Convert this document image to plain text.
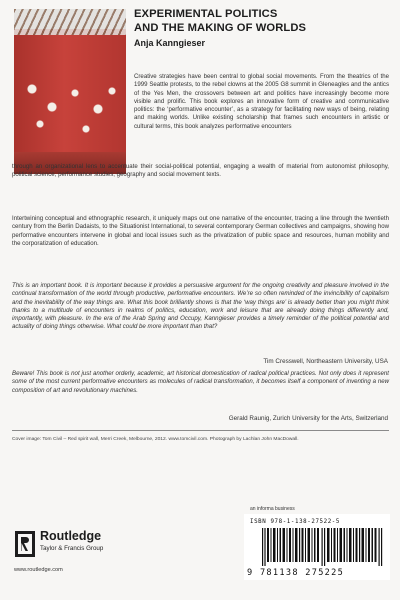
EXPERIMENTAL POLITICS
AND THE MAKING OF WORLDS
Anja Kanngieser
Creative strategies have been central to global social movements. From the theatrics of the 1999 Seattle protests, to the rebel clowns at the 2005 G8 summit in Gleneagles and the antics of the Yes Men, the crossovers between art and politics have increasingly become more visible and prolific. This book explores an innovative form of creative and communicative politics: the ‘performative encounter’, as a strategy for facilitating new ways of being, relating and making worlds. Unlike existing scholarship that frames such encounters in artistic or cultural terms, this book analyzes performative encounters
through an organizational lens to accentuate their social-political potential, engaging a wealth of material from autonomist philosophy, political science, performance studies, geography and social movement texts.
Intertwining conceptual and ethnographic research, it uniquely maps out one narrative of the encounter, tracing a line through the twentieth century from the Berlin Dadaists, to the Situationist International, to several contemporary German collectives and campaigns, showing how performative encounters intervene in global and local issues such as the privatization of public space and resources, human mobility and the corporatization of education.
This is an important book. It is important because it provides a persuasive argument for the ongoing creativity and pleasure involved in the continual transformation of the world through productive, performative encounters. We’re so often reminded of the invincibility of capitalism and the inevitability of the way things are. What this book brilliantly shows is that the ‘way things are’ is already better than you might think thanks to a multitude of encounters in realms of politics, education, work and leisure that are already doing things differently and, importantly, with pleasure. In the era of the Arab Spring and Occupy, Kanngieser provides a timely reminder of the political potential and actuality of doing things otherwise. What could be more important than that?
Tim Cresswell, Northeastern University, USA
Beware! This book is not just another orderly, academic, art historical domestication of radical political practices. Not only does it represent some of the most current performative encounters as molecules of radical transformation, it becomes itself a component of inventing a new composition of art and revolutionary machines.
Gerald Raunig, Zurich University for the Arts, Switzerland
Cover image: Tom Civil – Red spirit wall, Merri Creek, Melbourne, 2012. www.tomcivil.com. Photograph by Lachlan John MacDowall.
Routledge
Taylor & Francis Group
www.routledge.com
an informa business
ISBN 978-1-138-27522-5
9 781138 275225
